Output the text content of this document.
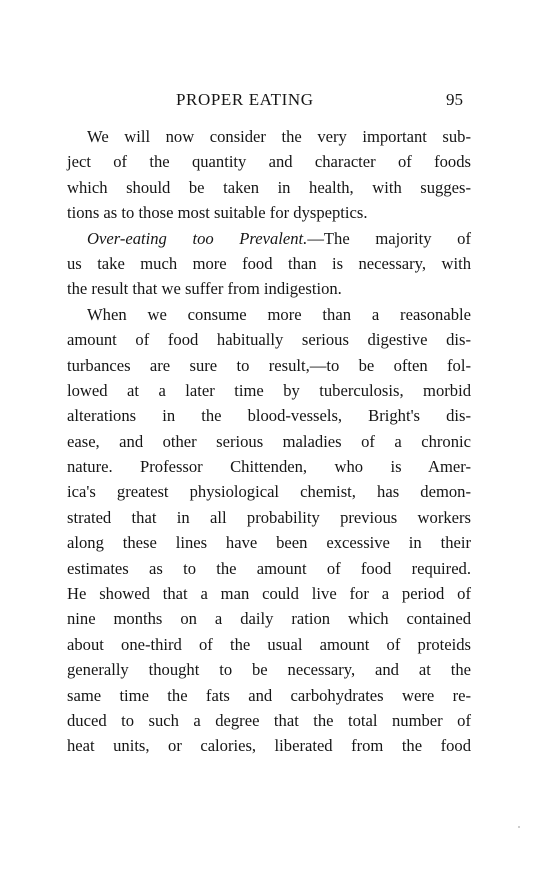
PROPER EATING	95
We will now consider the very important sub-
ject of the quantity and character of foods
which should be taken in health, with sugges-
tions as to those most suitable for dyspeptics.
Over-eating too Prevalent.—The majority of
us take much more food than is necessary, with
the result that we suffer from indigestion.
When we consume more than a reasonable
amount of food habitually serious digestive dis-
turbances are sure to result,—to be often fol-
lowed at a later time by tuberculosis, morbid
alterations in the blood-vessels, Bright's dis-
ease, and other serious maladies of a chronic
nature. Professor Chittenden, who is Amer-
ica's greatest physiological chemist, has demon-
strated that in all probability previous workers
along these lines have been excessive in their
estimates as to the amount of food required.
He showed that a man could live for a period of
nine months on a daily ration which contained
about one-third of the usual amount of proteids
generally thought to be necessary, and at the
same time the fats and carbohydrates were re-
duced to such a degree that the total number of
heat units, or calories, liberated from the food
